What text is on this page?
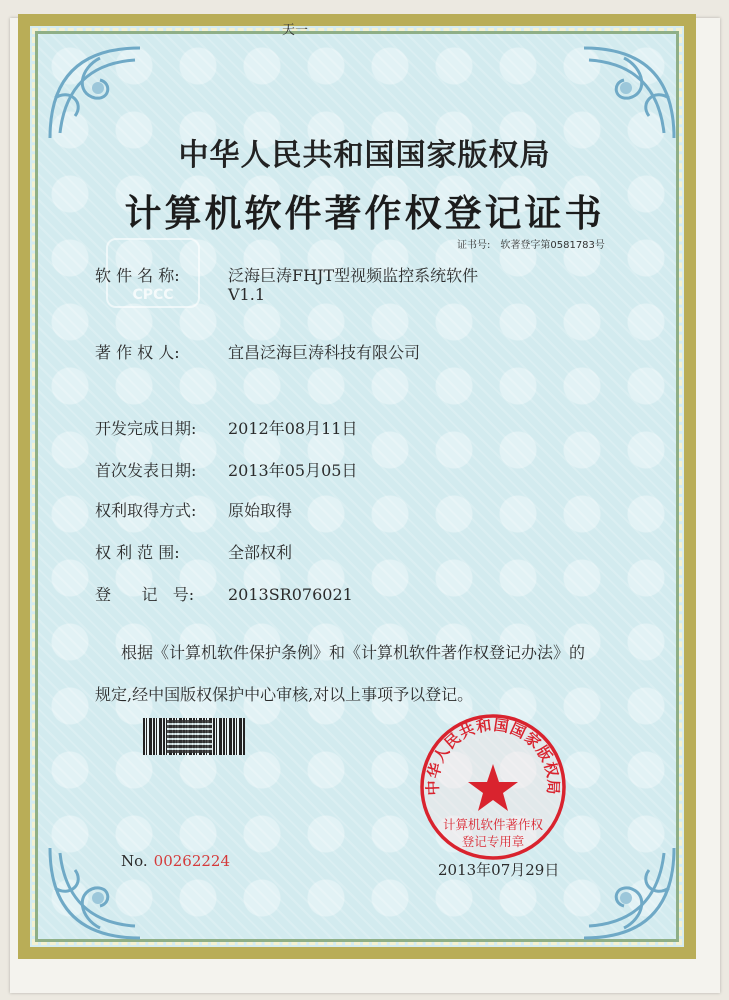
天一
中华人民共和国国家版权局
计算机软件著作权登记证书
证书号: 软著登字第0581783号
CPCC
软 件 名 称:	泛海巨涛FHJT型视频监控系统软件
V1.1
著 作 权 人:	宜昌泛海巨涛科技有限公司
开发完成日期: 2012年08月11日
首次发表日期: 2013年05月05日
权利取得方式: 原始取得
权 利 范 围:	全部权利
登      记   号: 2013SR076021
根据《计算机软件保护条例》和《计算机软件著作权登记办法》的
规定,经中国版权保护中心审核,对以上事项予以登记。
中华人民共和国国家版权局
计算机软件著作权
登记专用章
No. 00262224	2013年07月29日
